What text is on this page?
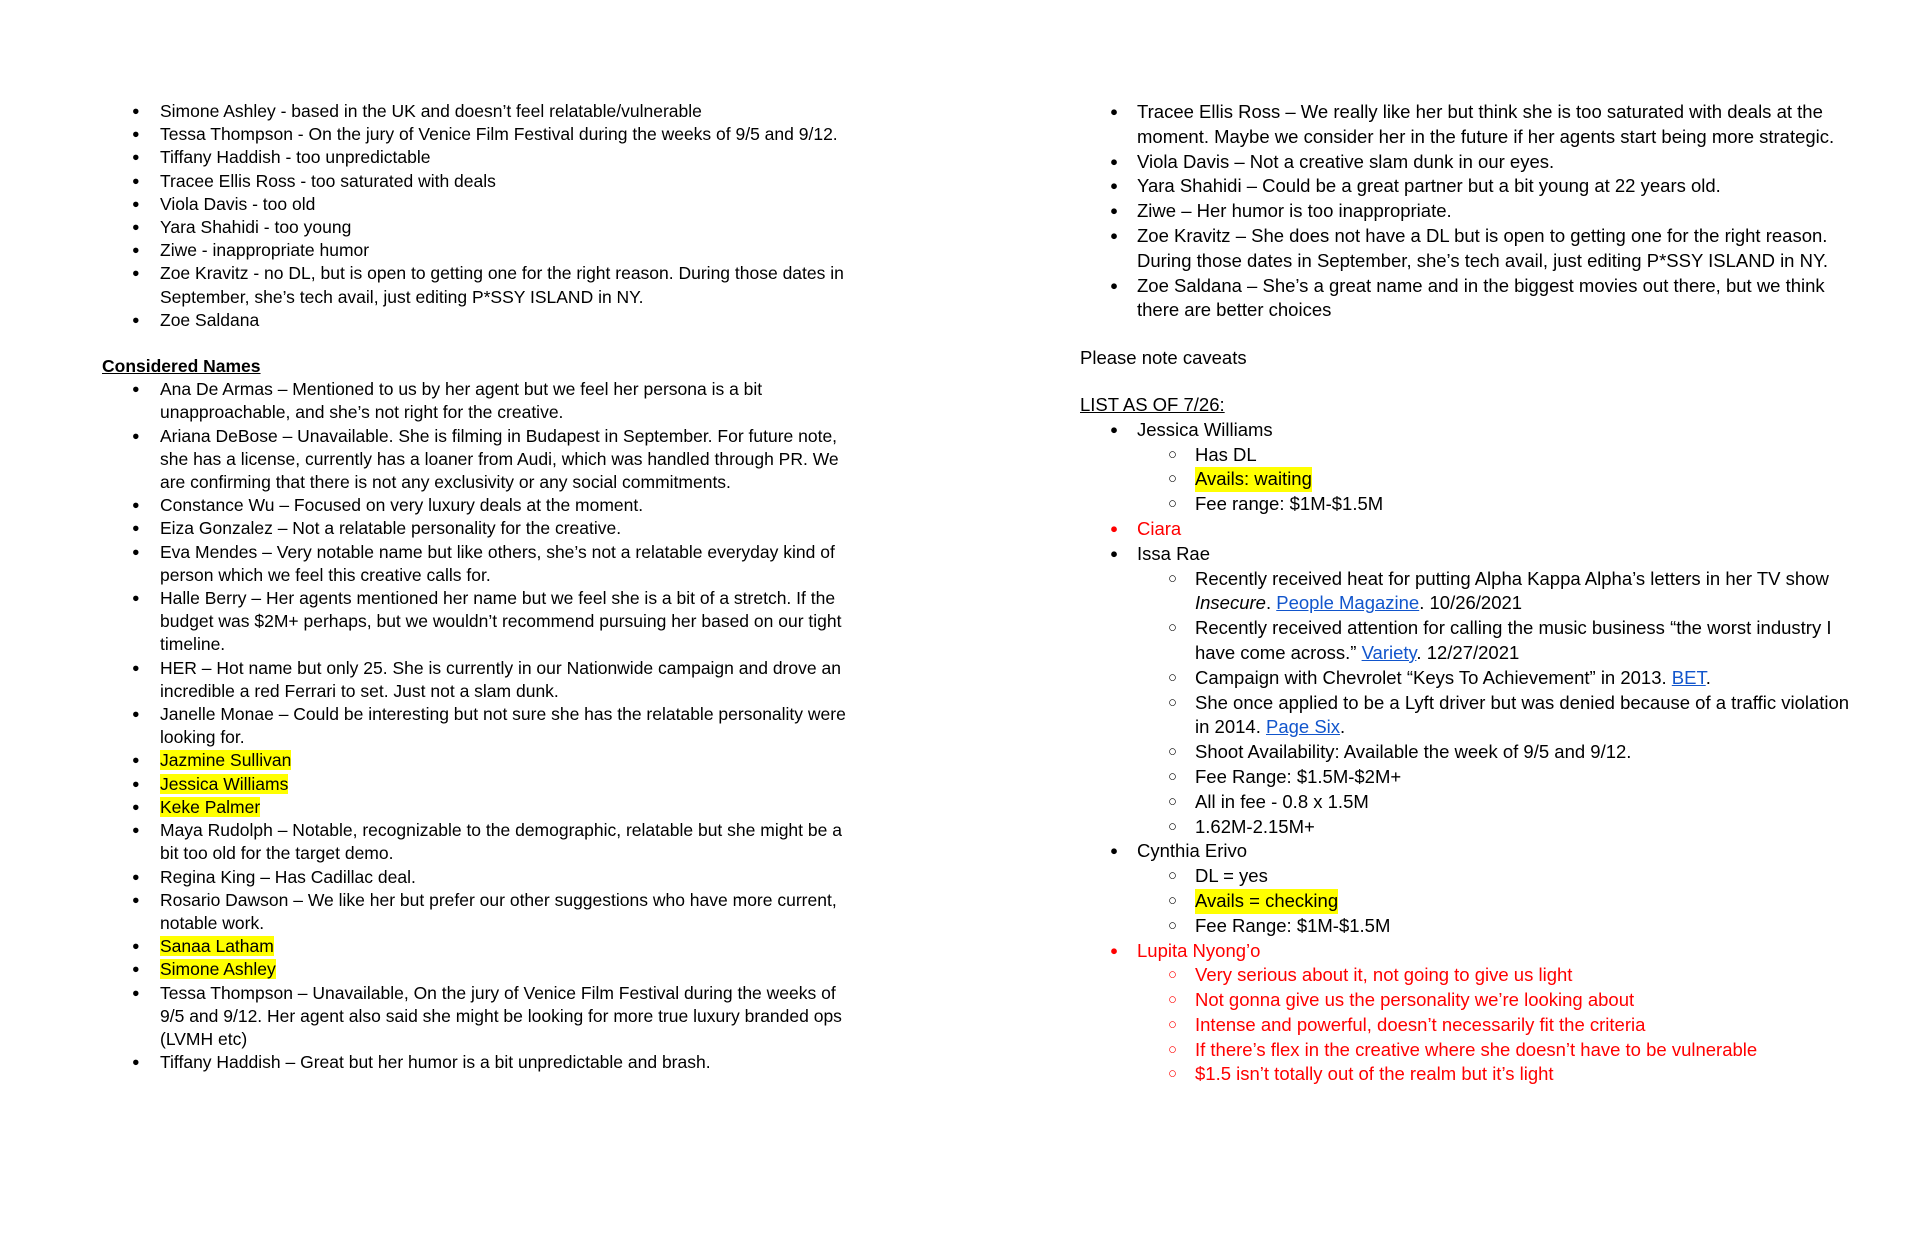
● Simone Ashley - based in the UK and doesn’t feel relatable/vulnerable
● Tessa Thompson - On the jury of Venice Film Festival during the weeks of 9/5 and 9/12.
● Tiffany Haddish - too unpredictable
● Tracee Ellis Ross - too saturated with deals
● Viola Davis - too old
● Yara Shahidi - too young
● Ziwe - inappropriate humor
● Zoe Kravitz - no DL, but is open to getting one for the right reason. During those dates in September, she’s tech avail, just editing P*SSY ISLAND in NY.
● Zoe Saldana
Considered Names
● Ana De Armas – Mentioned to us by her agent but we feel her persona is a bit unapproachable, and she’s not right for the creative.
● Ariana DeBose – Unavailable. She is filming in Budapest in September. For future note, she has a license, currently has a loaner from Audi, which was handled through PR. We are confirming that there is not any exclusivity or any social commitments.
● Constance Wu – Focused on very luxury deals at the moment.
● Eiza Gonzalez – Not a relatable personality for the creative.
● Eva Mendes – Very notable name but like others, she’s not a relatable everyday kind of person which we feel this creative calls for.
● Halle Berry – Her agents mentioned her name but we feel she is a bit of a stretch. If the budget was $2M+ perhaps, but we wouldn’t recommend pursuing her based on our tight timeline.
● HER – Hot name but only 25. She is currently in our Nationwide campaign and drove an incredible a red Ferrari to set. Just not a slam dunk.
● Janelle Monae – Could be interesting but not sure she has the relatable personality were looking for.
● Jazmine Sullivan
● Jessica Williams
● Keke Palmer
● Maya Rudolph – Notable, recognizable to the demographic, relatable but she might be a bit too old for the target demo.
● Regina King – Has Cadillac deal.
● Rosario Dawson – We like her but prefer our other suggestions who have more current, notable work.
● Sanaa Latham
● Simone Ashley
● Tessa Thompson – Unavailable, On the jury of Venice Film Festival during the weeks of 9/5 and 9/12. Her agent also said she might be looking for more true luxury branded ops (LVMH etc)
● Tiffany Haddish – Great but her humor is a bit unpredictable and brash.
● Tracee Ellis Ross – We really like her but think she is too saturated with deals at the moment. Maybe we consider her in the future if her agents start being more strategic.
● Viola Davis – Not a creative slam dunk in our eyes.
● Yara Shahidi – Could be a great partner but a bit young at 22 years old.
● Ziwe – Her humor is too inappropriate.
● Zoe Kravitz – She does not have a DL but is open to getting one for the right reason. During those dates in September, she’s tech avail, just editing P*SSY ISLAND in NY.
● Zoe Saldana – She’s a great name and in the biggest movies out there, but we think there are better choices
Please note caveats
LIST AS OF 7/26:
● Jessica Williams
○ Has DL
○ Avails: waiting
○ Fee range: $1M-$1.5M
● Ciara
● Issa Rae
○ Recently received heat for putting Alpha Kappa Alpha’s letters in her TV show Insecure. People Magazine. 10/26/2021
○ Recently received attention for calling the music business “the worst industry I have come across.” Variety. 12/27/2021
○ Campaign with Chevrolet “Keys To Achievement” in 2013. BET.
○ She once applied to be a Lyft driver but was denied because of a traffic violation in 2014. Page Six.
○ Shoot Availability: Available the week of 9/5 and 9/12.
○ Fee Range: $1.5M-$2M+
○ All in fee - 0.8 x 1.5M
○ 1.62M-2.15M+
● Cynthia Erivo
○ DL = yes
○ Avails = checking
○ Fee Range: $1M-$1.5M
● Lupita Nyong’o
○ Very serious about it, not going to give us light
○ Not gonna give us the personality we’re looking about
○ Intense and powerful, doesn’t necessarily fit the criteria
○ If there’s flex in the creative where she doesn’t have to be vulnerable
○ $1.5 isn’t totally out of the realm but it’s light
